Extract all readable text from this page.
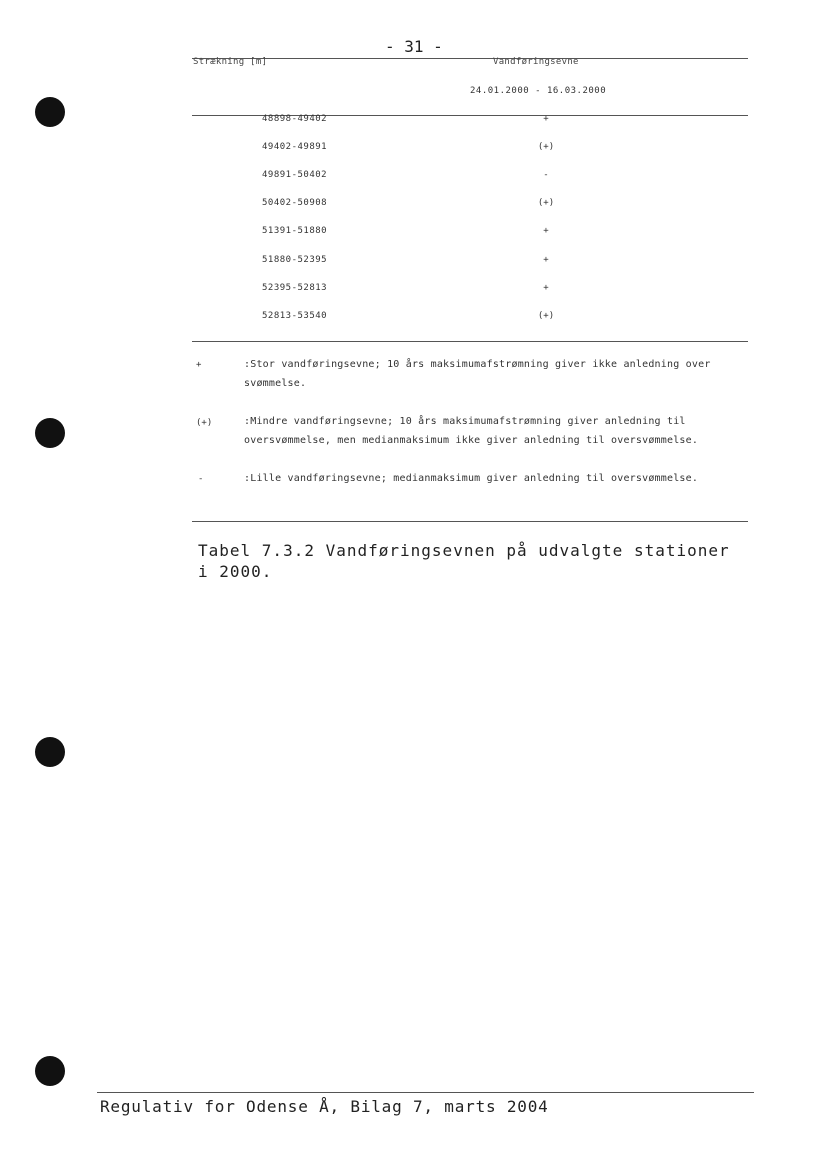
- 31 -
Strækning [m]	Vandføringsevne
24.01.2000 - 16.03.2000
48898-49402	+
49402-49891	(+)
49891-50402	-
50402-50908	(+)
51391-51880	+
51880-52395	+
52395-52813	+
52813-53540	(+)
+	:Stor vandføringsevne; 10 års maksimumafstrømning giver ikke anledning over svømmelse.
(+)	:Mindre vandføringsevne; 10 års maksimumafstrømning giver anledning til oversvømmelse, men medianmaksimum ikke giver anledning til oversvømmelse.
-	:Lille vandføringsevne; medianmaksimum giver anledning til oversvømmelse.
Tabel 7.3.2 Vandføringsevnen på udvalgte stationer i 2000.
Regulativ for Odense Å, Bilag 7, marts 2004
